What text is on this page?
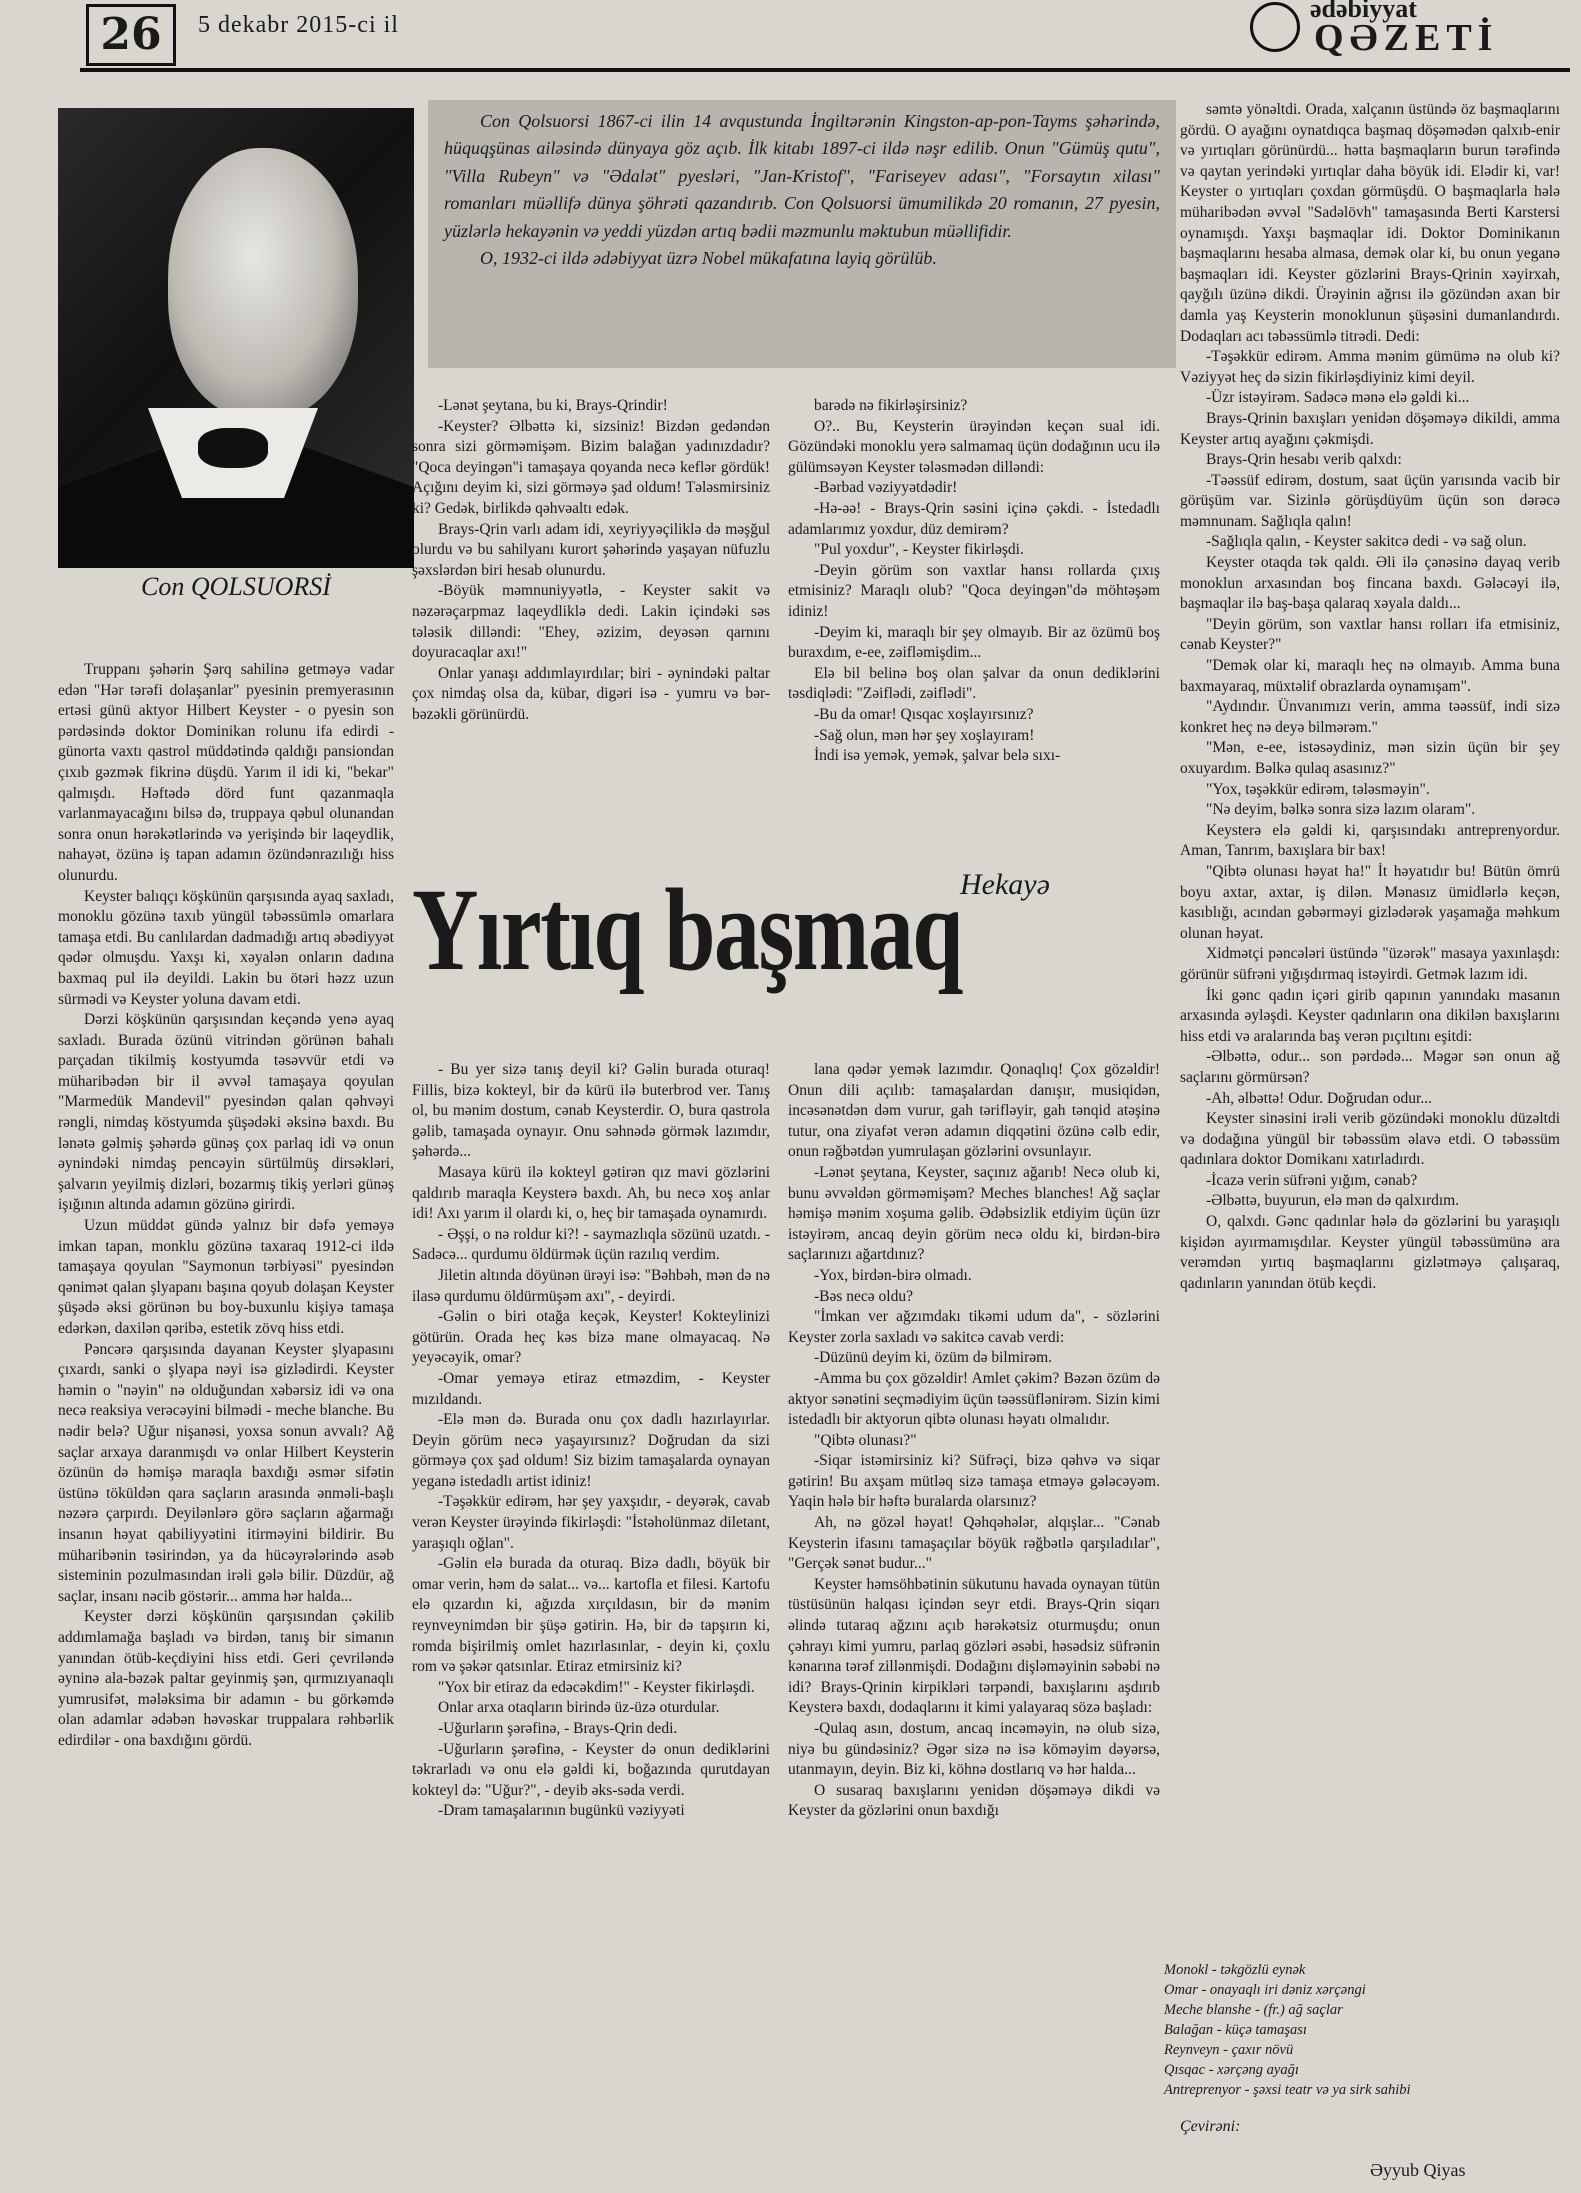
26	5 dekabr 2015-ci il
ədəbiyyat
QƏZETİ
Con QOLSUORSİ

Con Qolsuorsi 1867-ci ilin 14 avqustunda İngiltərənin Kingston-ap-pon-Tayms şəhərində, hüquqşünas ailəsində dünyaya göz açıb. İlk kitabı 1897-ci ildə nəşr edilib. Onun "Gümüş qutu", "Villa Rubeyn" və "Ədalət" pyesləri, "Jan-Kristof", "Fariseyev adası", "Forsaytın xilası" romanları müəllifə dünya şöhrəti qazandırıb. Con Qolsuorsi ümumilikdə 20 romanın, 27 pyesin, yüzlərlə hekayənin və yeddi yüzdən artıq bədii məzmunlu məktubun müəllifidir.

O, 1932-ci ildə ədəbiyyat üzrə Nobel mükafatına layiq görülüb.

Truppanı şəhərin Şərq sahilinə getməyə vadar edən "Hər tərəfi dolaşanlar" pyesinin premyerasının ertəsi günü aktyor Hilbert Keyster - o pyesin son pərdəsində doktor Dominikan rolunu ifa edirdi - günorta vaxtı qastrol müddətində qaldığı pansiondan çıxıb gəzmək fikrinə düşdü. Yarım il idi ki, "bekar" qalmışdı. Həftədə dörd funt qazanmaqla varlanmayacağını bilsə də, truppaya qəbul olunandan sonra onun hərəkətlərində və yerişində bir laqeydlik, nahayət, özünə iş tapan adamın özündənrazılığı hiss olunurdu.

Keyster balıqçı köşkünün qarşısında ayaq saxladı, monoklu gözünə taxıb yüngül təbəssümlə omarlara tamaşa etdi. Bu canlılardan dadmadığı artıq əbədiyyət qədər olmuşdu. Yaxşı ki, xəyalən onların dadına baxmaq pul ilə deyildi. Lakin bu ötəri həzz uzun sürmədi və Keyster yoluna davam etdi.

Dərzi köşkünün qarşısından keçəndə yenə ayaq saxladı. Burada özünü vitrindən görünən bahalı parçadan tikilmiş kostyumda təsəvvür etdi və müharibədən bir il əvvəl tamaşaya qoyulan "Marmedük Mandevil" pyesindən qalan qəhvəyi rəngli, nimdaş köstyumda şüşədəki əksinə baxdı. Bu lənətə gəlmiş şəhərdə günəş çox parlaq idi və onun əynindəki nimdaş pencəyin sürtülmüş dirsəkləri, şalvarın yeyilmiş dizləri, bozarmış tikiş yerləri günəş işığının altında adamın gözünə girirdi.

Uzun müddət gündə yalnız bir dəfə yeməyə imkan tapan, monklu gözünə taxaraq 1912-ci ildə tamaşaya qoyulan "Saymonun tərbiyəsi" pyesindən qənimət qalan şlyapanı başına qoyub dolaşan Keyster şüşədə əksi görünən bu boy-buxunlu kişiyə tamaşa edərkən, daxilən qəribə, estetik zövq hiss etdi.

Pəncərə qarşısında dayanan Keyster şlyapasını çıxardı, sanki o şlyapa nəyi isə gizlədirdi. Keyster həmin o "nəyin" nə olduğundan xəbərsiz idi və ona necə reaksiya verəcəyini bilmədi - meche blanche. Bu nədir belə? Uğur nişanəsi, yoxsa sonun avvalı? Ağ saçlar arxaya daranmışdı və onlar Hilbert Keysterin özünün də həmişə maraqla baxdığı əsmər sifətin üstünə töküldən qara saçların arasında ənməli-başlı nəzərə çarpırdı. Deyilənlərə görə saçların ağarmağı insanın həyat qabiliyyətini itirməyini bildirir. Bu müharibənin təsirindən, ya da hücəyrələrində asəb sisteminin pozulmasından irəli gələ bilir. Düzdür, ağ saçlar, insanı nəcib göstərir... amma hər halda...

Keyster dərzi köşkünün qarşısından çəkilib addımlamağa başladı və birdən, tanış bir simanın yanından ötüb-keçdiyini hiss etdi. Geri çevriləndə əyninə ala-bəzək paltar geyinmiş şən, qırmızıyanaqlı yumrusifət, mələksima bir adamın - bu görkəmdə olan adamlar ədəbən həvəskar truppalara rəhbərlik edirdilər - ona baxdığını gördü.

-Lənət şeytana, bu ki, Brays-Qrindir!

-Keyster? Əlbəttə ki, sizsiniz! Bizdən gedəndən sonra sizi görməmişəm. Bizim balağan yadınızdadır? "Qoca deyingən"i tamaşaya qoyanda necə keflər gördük! Açığını deyim ki, sizi görməyə şad oldum! Tələsmirsiniz ki? Gedək, birlikdə qəhvəaltı edək.

Brays-Qrin varlı adam idi, xeyriyyəçiliklə də məşğul olurdu və bu sahilyanı kurort şəhərində yaşayan nüfuzlu şəxslərdən biri hesab olunurdu.

-Böyük məmnuniyyətlə, - Keyster sakit və nəzərəçarpmaz laqeydliklə dedi. Lakin içindəki səs tələsik dilləndi: "Ehey, əzizim, deyəsən qarnını doyuracaqlar axı!"

Onlar yanaşı addımlayırdılar; biri - əynindəki paltar çox nimdaş olsa da, kübar, digəri isə - yumru və bər-bəzəkli görünürdü.

barədə nə fikirləşirsiniz?

O?.. Bu, Keysterin ürəyindən keçən sual idi. Gözündəki monoklu yerə salmamaq üçün dodağının ucu ilə gülümsəyən Keyster tələsmədən dilləndi:

-Bərbad vəziyyətdədir!

-Hə-əə! - Brays-Qrin səsini içinə çəkdi. - İstedadlı adamlarımız yoxdur, düz demirəm?

"Pul yoxdur", - Keyster fikirləşdi.

-Deyin görüm son vaxtlar hansı rollarda çıxış etmisiniz? Maraqlı olub? "Qoca deyingən"də möhtəşəm idiniz!

-Deyim ki, maraqlı bir şey olmayıb. Bir az özümü boş buraxdım, e-ee, zəifləmişdim...

Elə bil belinə boş olan şalvar da onun dediklərini təsdiqlədi: "Zəiflədi, zəiflədi".

-Bu da omar! Qısqac xoşlayırsınız?

-Sağ olun, mən hər şey xoşlayıram!

İndi isə yemək, yemək, şalvar belə sıxı-

Yırtıq başmaq
Hekayə

- Bu yer sizə tanış deyil ki? Gəlin burada oturaq! Fillis, bizə kokteyl, bir də kürü ilə buterbrod ver. Tanış ol, bu mənim dostum, cənab Keysterdir. O, bura qastrola gəlib, tamaşada oynayır. Onu səhnədə görmək lazımdır, şəhərdə...

Masaya kürü ilə kokteyl gətirən qız mavi gözlərini qaldırıb maraqla Keysterə baxdı. Ah, bu necə xoş anlar idi! Axı yarım il olardı ki, o, heç bir tamaşada oynamırdı.

- Əşşi, o nə roldur ki?! - saymazlıqla sözünü uzatdı. - Sadəcə... qurdumu öldürmək üçün razılıq verdim.

Jiletin altında döyünən ürəyi isə: "Bəhbəh, mən də nə ilasə qurdumu öldürmüşəm axı", - deyirdi.

-Gəlin o biri otağa keçək, Keyster! Kokteylinizi götürün. Orada heç kəs bizə mane olmayacaq. Nə yeyəcəyik, omar?

-Omar yeməyə etiraz etməzdim, - Keyster mızıldandı.

-Elə mən də. Burada onu çox dadlı hazırlayırlar. Deyin görüm necə yaşayırsınız? Doğrudan da sizi görməyə çox şad oldum! Siz bizim tamaşalarda oynayan yeganə istedadlı artist idiniz!

-Təşəkkür edirəm, hər şey yaxşıdır, - deyərək, cavab verən Keyster ürəyində fikirləşdi: "İstəholünmaz diletant, yaraşıqlı oğlan".

-Gəlin elə burada da oturaq. Bizə dadlı, böyük bir omar verin, həm də salat... və... kartofla et filesi. Kartofu elə qızardın ki, ağızda xırçıldasın, bir də mənim reynveynimdən bir şüşə gətirin. Hə, bir də tapşırın ki, romda bişirilmiş omlet hazırlasınlar, - deyin ki, çoxlu rom və şəkər qatsınlar. Etiraz etmirsiniz ki?

"Yox bir etiraz da edəcəkdim!" - Keyster fikirləşdi.

Onlar arxa otaqların birində üz-üzə oturdular.

-Uğurların şərəfinə, - Brays-Qrin dedi.

-Uğurların şərəfinə, - Keyster də onun dediklərini təkrarladı və onu elə gəldi ki, boğazında qurutdayan kokteyl də: "Uğur?", - deyib əks-səda verdi.

-Dram tamaşalarının bugünkü vəziyyəti

lana qədər yemək lazımdır. Qonaqlıq! Çox gözəldir! Onun dili açılıb: tamaşalardan danışır, musiqidən, incəsənətdən dəm vurur, gah tərifləyir, gah tənqid atəşinə tutur, ona ziyafət verən adamın diqqətini özünə cəlb edir, onun rəğbətdən yumrulaşan gözlərini ovsunlayır.

-Lənət şeytana, Keyster, saçınız ağarıb! Necə olub ki, bunu əvvəldən görməmişəm? Meches blanches! Ağ saçlar həmişə mənim xoşuma gəlib. Ədəbsizlik etdiyim üçün üzr istəyirəm, ancaq deyin görüm necə oldu ki, birdən-birə saçlarınızı ağartdınız?

-Yox, birdən-birə olmadı.

-Bəs necə oldu?

"İmkan ver ağzımdakı tikəmi udum da", - sözlərini Keyster zorla saxladı və sakitcə cavab verdi:

-Düzünü deyim ki, özüm də bilmirəm.

-Amma bu çox gözəldir! Amlet çəkim? Bəzən özüm də aktyor sənətini seçmədiyim üçün təəssüflənirəm. Sizin kimi istedadlı bir aktyorun qibtə olunası həyatı olmalıdır.

"Qibtə olunası?"

-Siqar istəmirsiniz ki? Süfrəçi, bizə qəhvə və siqar gətirin! Bu axşam mütləq sizə tamaşa etməyə gələcəyəm. Yaqin hələ bir həftə buralarda olarsınız?

Ah, nə gözəl həyat! Qəhqəhələr, alqışlar... "Cənab Keysterin ifasını tamaşaçılar böyük rəğbətlə qarşıladılar", "Gerçək sənət budur..."

Keyster həmsöhbətinin sükutunu havada oynayan tütün tüstüsünün halqası içindən seyr etdi. Brays-Qrin siqarı əlində tutaraq ağzını açıb hərəkətsiz oturmuşdu; onun çəhrayı kimi yumru, parlaq gözləri əsəbi, həsədsiz süfrənin kənarına tərəf zillənmişdi. Dodağını dişləməyinin səbəbi nə idi? Brays-Qrinin kirpikləri tərpəndi, baxışlarını aşdırıb Keysterə baxdı, dodaqlarını it kimi yalayaraq sözə başladı:

-Qulaq asın, dostum, ancaq incəməyin, nə olub sizə, niyə bu gündəsiniz? Əgər sizə nə isə köməyim dəyərsə, utanmayın, deyin. Biz ki, köhnə dostlarıq və hər halda...

O susaraq baxışlarını yenidən döşəməyə dikdi və Keyster da gözlərini onun baxdığı

səmtə yönəltdi. Orada, xalçanın üstündə öz başmaqlarını gördü. O ayağını oynatdıqca başmaq döşəmədən qalxıb-enir və yırtıqları görünürdü... hətta başmaqların burun tərəfində və qaytan yerindəki yırtıqlar daha böyük idi. Elədir ki, var! Keyster o yırtıqları çoxdan görmüşdü. O başmaqlarla hələ müharibədən əvvəl "Sadəlövh" tamaşasında Berti Karstersi oynamışdı. Yaxşı başmaqlar idi. Doktor Dominikanın başmaqlarını hesaba almasa, demək olar ki, bu onun yeganə başmaqları idi. Keyster gözlərini Brays-Qrinin xəyirxah, qayğılı üzünə dikdi. Ürəyinin ağrısı ilə gözündən axan bir damla yaş Keysterin monoklunun şüşəsini dumanlandırdı. Dodaqları acı təbəssümlə titrədi. Dedi:

-Təşəkkür edirəm. Amma mənim gümümə nə olub ki? Vəziyyət heç də sizin fikirləşdiyiniz kimi deyil.

-Üzr istəyirəm. Sadəcə mənə elə gəldi ki...

Brays-Qrinin baxışları yenidən döşəməyə dikildi, amma Keyster artıq ayağını çəkmişdi.

Brays-Qrin hesabı verib qalxdı:

-Təəssüf edirəm, dostum, saat üçün yarısında vacib bir görüşüm var. Sizinlə görüşdüyüm üçün son dərəcə məmnunam. Sağlıqla qalın!

-Sağlıqla qalın, - Keyster sakitcə dedi - və sağ olun.

Keyster otaqda tək qaldı. Əli ilə çənəsinə dayaq verib monoklun arxasından boş fincana baxdı. Gələcəyi ilə, başmaqlar ilə baş-başa qalaraq xəyala daldı...

"Deyin görüm, son vaxtlar hansı rolları ifa etmisiniz, cənab Keyster?"

"Demək olar ki, maraqlı heç nə olmayıb. Amma buna baxmayaraq, müxtəlif obrazlarda oynamışam".

"Aydındır. Ünvanımızı verin, amma təəssüf, indi sizə konkret heç nə deyə bilmərəm."

"Mən, e-ee, istəsəydiniz, mən sizin üçün bir şey oxuyardım. Bəlkə qulaq asasınız?"

"Yox, təşəkkür edirəm, tələsməyin".

"Nə deyim, bəlkə sonra sizə lazım olaram".

Keysterə elə gəldi ki, qarşısındakı antreprenyordur. Aman, Tanrım, baxışlara bir bax!

"Qibtə olunası həyat ha!" İt həyatıdır bu! Bütün ömrü boyu axtar, axtar, iş dilən. Mənasız ümidlərlə keçən, kasıblığı, acından gəbərməyi gizlədərək yaşamağa məhkum olunan həyat.

Xidmətçi pəncələri üstündə "üzərək" masaya yaxınlaşdı: görünür süfrəni yığışdırmaq istəyirdi. Getmək lazım idi.

İki gənc qadın içəri girib qapının yanındakı masanın arxasında əyləşdi. Keyster qadınların ona dikilən baxışlarını hiss etdi və aralarında baş verən pıçıltını eşitdi:

-Əlbəttə, odur... son pərdədə... Məgər sən onun ağ saçlarını görmürsən?

-Ah, əlbəttə! Odur. Doğrudan odur...

Keyster sinəsini irəli verib gözündəki monoklu düzəltdi və dodağına yüngül bir təbəssüm əlavə etdi. O təbəssüm qadınlara doktor Domikanı xatırladırdı.

-İcazə verin süfrəni yığım, cənab?

-Əlbəttə, buyurun, elə mən də qalxırdım.

O, qalxdı. Gənc qadınlar hələ də gözlərini bu yaraşıqlı kişidən ayırmamışdılar. Keyster yüngül təbəssümünə ara verəmdən yırtıq başmaqlarını gizlətməyə çalışaraq, qadınların yanından ötüb keçdi.

Monokl - təkgözlü eynək
Omar - onayaqlı iri dəniz xərçəngi
Meche blanshe - (fr.) ağ saçlar
Balağan - küçə tamaşası
Reynveyn - çaxır növü
Qısqac - xərçəng ayağı
Antreprenyor - şəxsi teatr və ya sirk sahibi
Çevirəni:
Əyyub Qiyas
